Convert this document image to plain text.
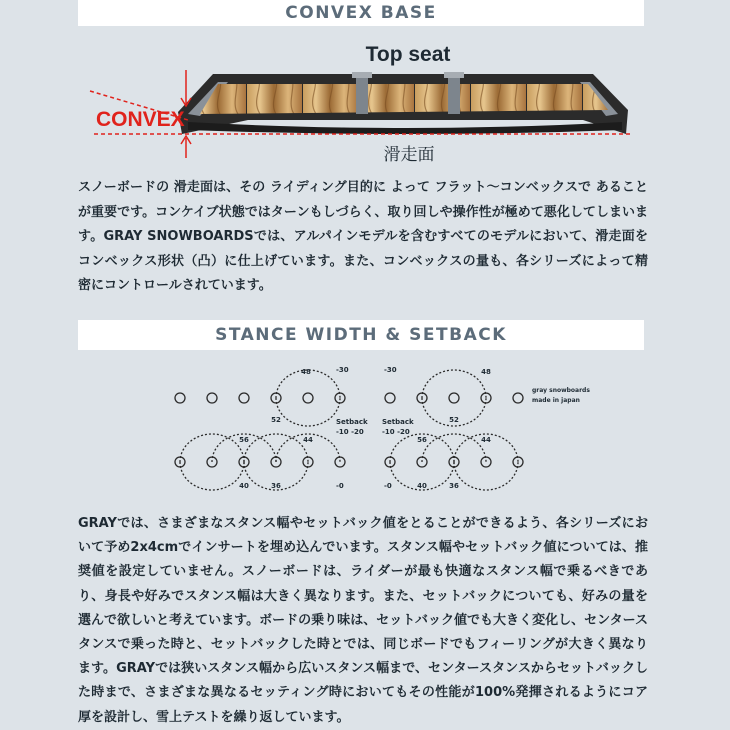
CONVEX BASE
Top seat
CONVEX
滑走面

スノーボードの 滑走面は、その ライディング目的に よって フラット〜コンベックスで あることが重要です。コンケイブ状態ではターンもしづらく、取り回しや操作性が極めて悪化してしまいます。GRAY SNOWBOARDSでは、アルパインモデルを含むすべてのモデルにおいて、滑走面をコンベックス形状（凸）に仕上げています。また、コンベックスの量も、各シリーズによって精密にコントロールされています。

STANCE WIDTH & SETBACK
48
52
56	44
40	36
48
52
56	44
40	36
-30	-30
Setback
-10 -20
Setback
-10 -20
-0	-0
gray snowboards
made in japan

GRAYでは、さまざまなスタンス幅やセットバック値をとることができるよう、各シリーズにおいて予め2x4cmでインサートを埋め込んでいます。スタンス幅やセットバック値については、推奨値を設定していません。スノーボードは、ライダーが最も快適なスタンス幅で乗るべきであり、身長や好みでスタンス幅は大きく異なります。また、セットバックについても、好みの量を選んで欲しいと考えています。ボードの乗り味は、セットバック値でも大きく変化し、センタースタンスで乗った時と、セットバックした時とでは、同じボードでもフィーリングが大きく異なります。GRAYでは狭いスタンス幅から広いスタンス幅まで、センタースタンスからセットバックした時まで、さまざまな異なるセッティング時においてもその性能が100%発揮されるようにコア厚を設計し、雪上テストを繰り返しています。
